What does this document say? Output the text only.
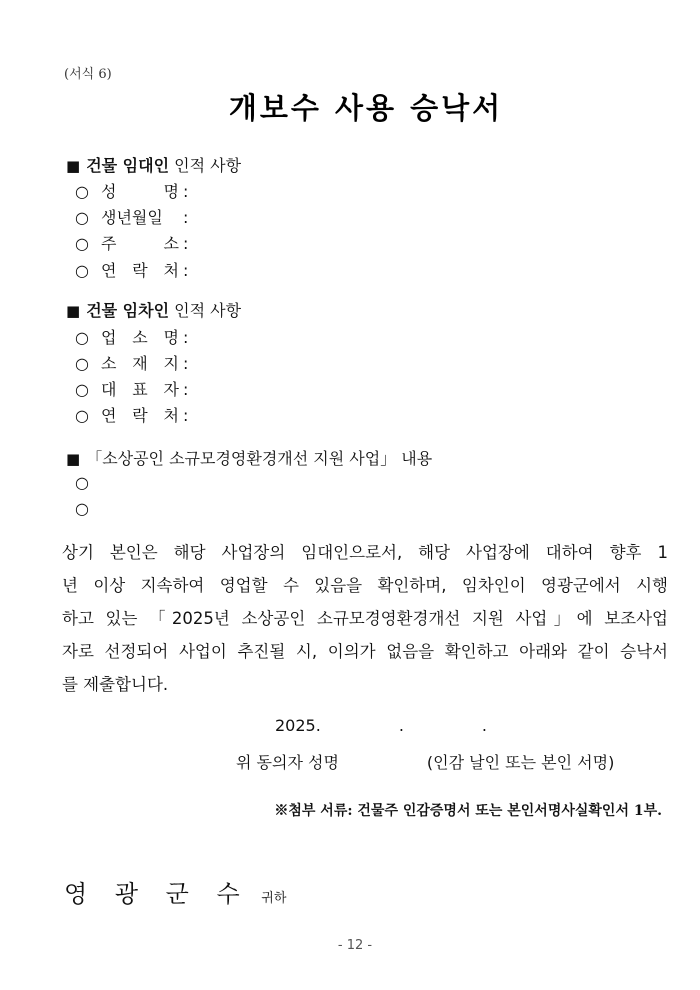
(서식 6)
개보수 사용 승낙서
■ 건물 임대인 인적 사항
○ 성 명 :
○ 생년월일 :
○ 주 소 :
○ 연 락 처 :
■ 건물 임차인 인적 사항
○ 업 소 명 :
○ 소 재 지 :
○ 대 표 자 :
○ 연 락 처 :
■ 「소상공인 소규모경영환경개선 지원 사업」 내용
○
○
상기 본인은 해당 사업장의 임대인으로서, 해당 사업장에 대하여 향후 1
년 이상 지속하여 영업할 수 있음을 확인하며, 임차인이 영광군에서 시행
하고 있는 「2025년 소상공인 소규모경영환경개선 지원 사업」에 보조사업
자로 선정되어 사업이 추진될 시, 이의가 없음을 확인하고 아래와 같이 승낙서
를 제출합니다.
2025.	.	.
위 동의자 성명	(인감 날인 또는 본인 서명)
※첨부 서류: 건물주 인감증명서 또는 본인서명사실확인서 1부.
영 광 군 수 귀하
- 12 -
